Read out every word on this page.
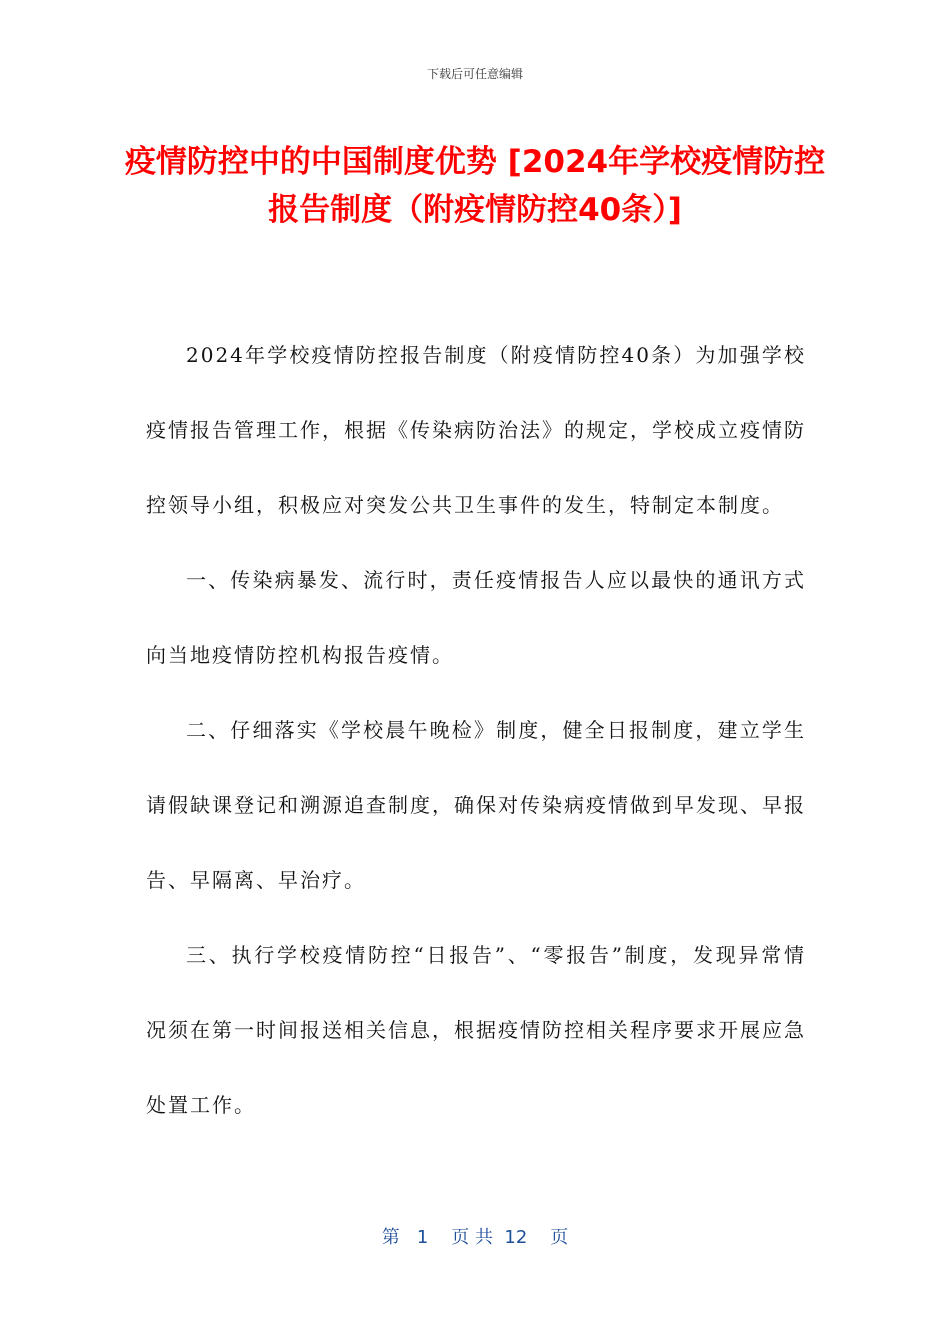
下载后可任意编辑
疫情防控中的中国制度优势 [2024年学校疫情防控报告制度（附疫情防控40条）]

2024年学校疫情防控报告制度（附疫情防控40条）为加强学校疫情报告管理工作，根据《传染病防治法》的规定，学校成立疫情防控领导小组，积极应对突发公共卫生事件的发生，特制定本制度。

一、传染病暴发、流行时，责任疫情报告人应以最快的通讯方式向当地疫情防控机构报告疫情。

二、仔细落实《学校晨午晚检》制度，健全日报制度，建立学生请假缺课登记和溯源追查制度，确保对传染病疫情做到早发现、早报告、早隔离、早治疗。

三、执行学校疫情防控“日报告”、“零报告”制度，发现异常情况须在第一时间报送相关信息，根据疫情防控相关程序要求开展应急处置工作。

第   1    页 共  12    页
